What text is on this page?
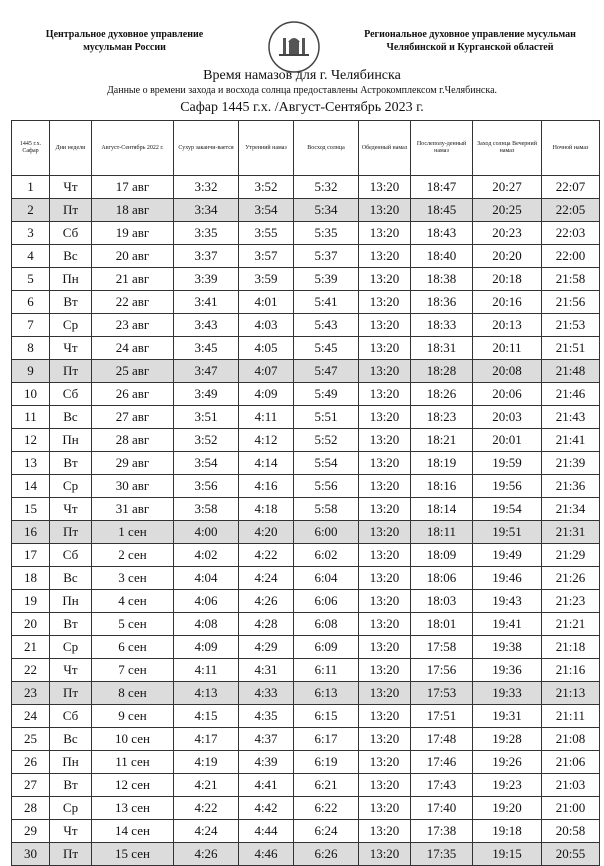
Центральное духовное управление
мусульман России
Региональное духовное управление мусульман
Челябинской и Курганской областей
Время намазов для г. Челябинска
Данные о времени захода и восхода солнца предоставлены Астрокомплексом г.Челябинска.
Сафар 1445 г.х. /Август-Сентябрь 2023 г.
1445 г.х. Сафар	Дни недели	Август-Сентябрь 2022 г.	Сухур заканчи-вается	Утренний намаз	Восход солнца	Обеденный намаз	Послеполу-денный намаз	Заход солнца Вечерний намаз	Ночной намаз
1	Чт	17 авг	3:32	3:52	5:32	13:20	18:47	20:27	22:07
2	Пт	18 авг	3:34	3:54	5:34	13:20	18:45	20:25	22:05
3	Сб	19 авг	3:35	3:55	5:35	13:20	18:43	20:23	22:03
4	Вс	20 авг	3:37	3:57	5:37	13:20	18:40	20:20	22:00
5	Пн	21 авг	3:39	3:59	5:39	13:20	18:38	20:18	21:58
6	Вт	22 авг	3:41	4:01	5:41	13:20	18:36	20:16	21:56
7	Ср	23 авг	3:43	4:03	5:43	13:20	18:33	20:13	21:53
8	Чт	24 авг	3:45	4:05	5:45	13:20	18:31	20:11	21:51
9	Пт	25 авг	3:47	4:07	5:47	13:20	18:28	20:08	21:48
10	Сб	26 авг	3:49	4:09	5:49	13:20	18:26	20:06	21:46
11	Вс	27 авг	3:51	4:11	5:51	13:20	18:23	20:03	21:43
12	Пн	28 авг	3:52	4:12	5:52	13:20	18:21	20:01	21:41
13	Вт	29 авг	3:54	4:14	5:54	13:20	18:19	19:59	21:39
14	Ср	30 авг	3:56	4:16	5:56	13:20	18:16	19:56	21:36
15	Чт	31 авг	3:58	4:18	5:58	13:20	18:14	19:54	21:34
16	Пт	1 сен	4:00	4:20	6:00	13:20	18:11	19:51	21:31
17	Сб	2 сен	4:02	4:22	6:02	13:20	18:09	19:49	21:29
18	Вс	3 сен	4:04	4:24	6:04	13:20	18:06	19:46	21:26
19	Пн	4 сен	4:06	4:26	6:06	13:20	18:03	19:43	21:23
20	Вт	5 сен	4:08	4:28	6:08	13:20	18:01	19:41	21:21
21	Ср	6 сен	4:09	4:29	6:09	13:20	17:58	19:38	21:18
22	Чт	7 сен	4:11	4:31	6:11	13:20	17:56	19:36	21:16
23	Пт	8 сен	4:13	4:33	6:13	13:20	17:53	19:33	21:13
24	Сб	9 сен	4:15	4:35	6:15	13:20	17:51	19:31	21:11
25	Вс	10 сен	4:17	4:37	6:17	13:20	17:48	19:28	21:08
26	Пн	11 сен	4:19	4:39	6:19	13:20	17:46	19:26	21:06
27	Вт	12 сен	4:21	4:41	6:21	13:20	17:43	19:23	21:03
28	Ср	13 сен	4:22	4:42	6:22	13:20	17:40	19:20	21:00
29	Чт	14 сен	4:24	4:44	6:24	13:20	17:38	19:18	20:58
30	Пт	15 сен	4:26	4:46	6:26	13:20	17:35	19:15	20:55
